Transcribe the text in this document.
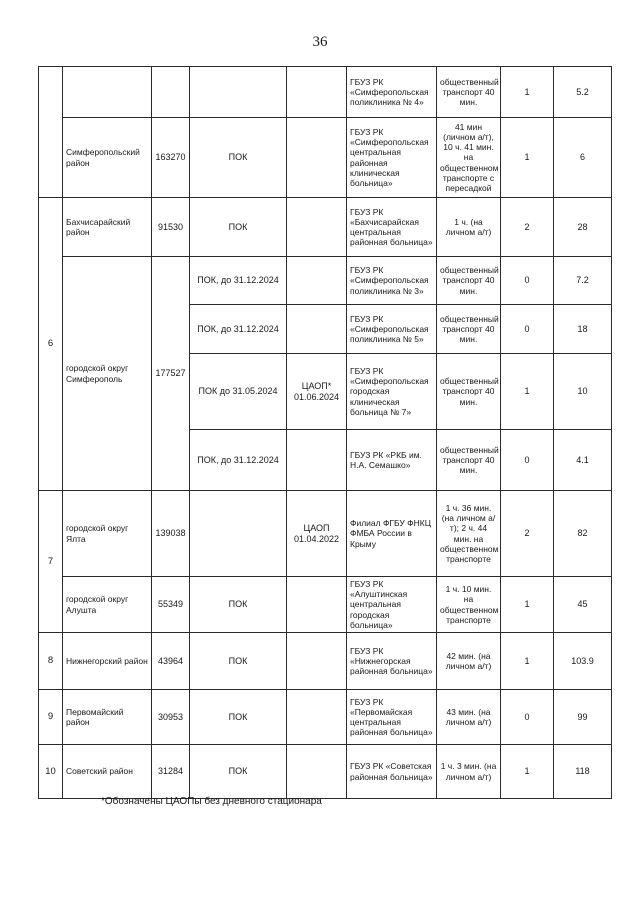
36
					ГБУЗ РК «Симферопольская поликлиника № 4»	общественный транспорт 40 мин.	1	5.2
	Симферопольский район	163270	ПОК		ГБУЗ РК «Симферопольская центральная районная клиническая больница»	41 мин (личном а/т), 10 ч. 41 мин. на общественном транспорте с пересадкой	1	6
6	Бахчисарайский район	91530	ПОК		ГБУЗ РК «Бахчисарайская центральная районная больница»	1 ч. (на личном а/т)	2	28
	городской округ Симферополь	177527	ПОК, до 31.12.2024		ГБУЗ РК «Симферопольская поликлиника № 3»	общественный транспорт 40 мин.	0	7.2
			ПОК, до 31.12.2024		ГБУЗ РК «Симферопольская поликлиника № 5»	общественный транспорт 40 мин.	0	18
			ПОК до 31.05.2024	ЦАОП* 01.06.2024	ГБУЗ РК «Симферопольская городская клиническая больница № 7»	общественный транспорт 40 мин.	1	10
			ПОК, до 31.12.2024		ГБУЗ РК «РКБ им. Н.А. Семашко»	общественный транспорт 40 мин.	0	4.1
7	городской округ Ялта	139038		ЦАОП 01.04.2022	Филиал ФГБУ ФНКЦ ФМБА России в Крыму	1 ч. 36 мин. (на личном а/т); 2 ч. 44 мин. на общественном транспорте	2	82
	городской округ Алушта	55349	ПОК		ГБУЗ РК «Алуштинская центральная городская больница»	1 ч. 10 мин. на общественном транспорте	1	45
8	Нижнегорский район	43964	ПОК		ГБУЗ РК «Нижнегорская районная больница»	42 мин. (на личном а/т)	1	103.9
9	Первомайский район	30953	ПОК		ГБУЗ РК «Первомайская центральная районная больница»	43 мин. (на личном а/т)	0	99
10	Советский район	31284	ПОК		ГБУЗ РК «Советская районная больница»	1 ч. 3 мин. (на личном а/т)	1	118
*Обозначены ЦАОПы без дневного стационара
